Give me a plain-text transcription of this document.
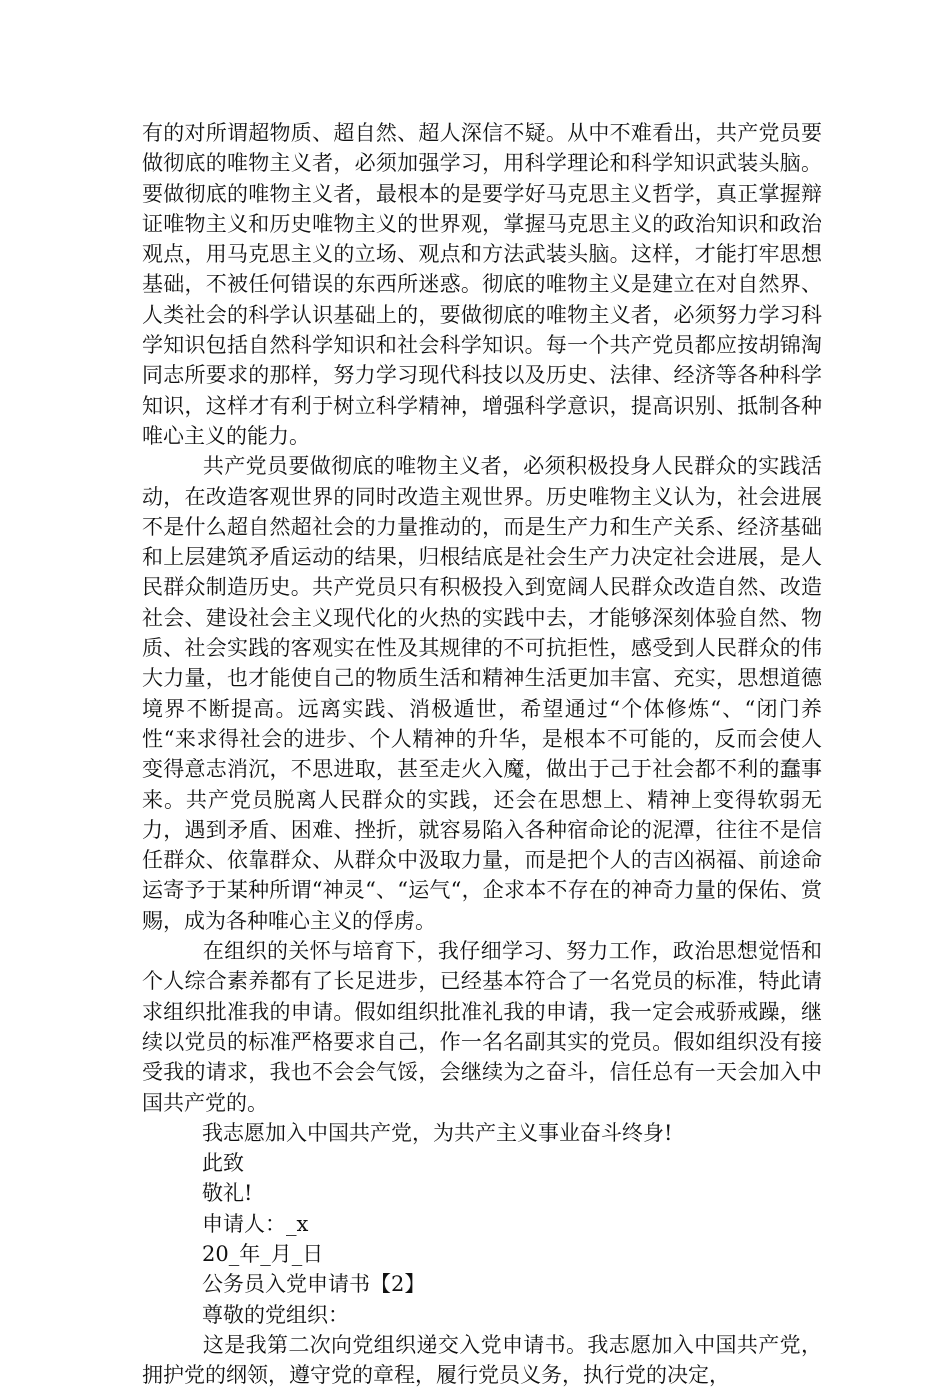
有的对所谓超物质、超自然、超人深信不疑。从中不难看出，共产党员要做彻底的唯物主义者，必须加强学习，用科学理论和科学知识武装头脑。要做彻底的唯物主义者，最根本的是要学好马克思主义哲学，真正掌握辩证唯物主义和历史唯物主义的世界观，掌握马克思主义的政治知识和政治观点，用马克思主义的立场、观点和方法武装头脑。这样，才能打牢思想基础，不被任何错误的东西所迷惑。彻底的唯物主义是建立在对自然界、人类社会的科学认识基础上的，要做彻底的唯物主义者，必须努力学习科学知识包括自然科学知识和社会科学知识。每一个共产党员都应按胡锦淘同志所要求的那样，努力学习现代科技以及历史、法律、经济等各种科学知识，这样才有利于树立科学精神，增强科学意识，提高识别、抵制各种唯心主义的能力。

共产党员要做彻底的唯物主义者，必须积极投身人民群众的实践活动，在改造客观世界的同时改造主观世界。历史唯物主义认为，社会进展不是什么超自然超社会的力量推动的，而是生产力和生产关系、经济基础和上层建筑矛盾运动的结果，归根结底是社会生产力决定社会进展，是人民群众制造历史。共产党员只有积极投入到宽阔人民群众改造自然、改造社会、建设社会主义现代化的火热的实践中去，才能够深刻体验自然、物质、社会实践的客观实在性及其规律的不可抗拒性，感受到人民群众的伟大力量，也才能使自己的物质生活和精神生活更加丰富、充实，思想道德境界不断提高。远离实践、消极遁世，希望通过“个体修炼“、“闭门养性“来求得社会的进步、个人精神的升华，是根本不可能的，反而会使人变得意志消沉，不思进取，甚至走火入魔，做出于己于社会都不利的蠢事来。共产党员脱离人民群众的实践，还会在思想上、精神上变得软弱无力，遇到矛盾、困难、挫折，就容易陷入各种宿命论的泥潭，往往不是信任群众、依靠群众、从群众中汲取力量，而是把个人的吉凶祸福、前途命运寄予于某种所谓“神灵“、“运气“，企求本不存在的神奇力量的保佑、赏赐，成为各种唯心主义的俘虏。

在组织的关怀与培育下，我仔细学习、努力工作，政治思想觉悟和个人综合素养都有了长足进步，已经基本符合了一名党员的标准，特此请求组织批准我的申请。假如组织批准礼我的申请，我一定会戒骄戒躁，继续以党员的标准严格要求自己，作一名名副其实的党员。假如组织没有接受我的请求，我也不会会气馁，会继续为之奋斗，信任总有一天会加入中国共产党的。

我志愿加入中国共产党，为共产主义事业奋斗终身!

此致

敬礼!

申请人：_x

20_年_月_日

公务员入党申请书【2】

尊敬的党组织：

这是我第二次向党组织递交入党申请书。我志愿加入中国共产党，拥护党的纲领，遵守党的章程，履行党员义务，执行党的决定，
